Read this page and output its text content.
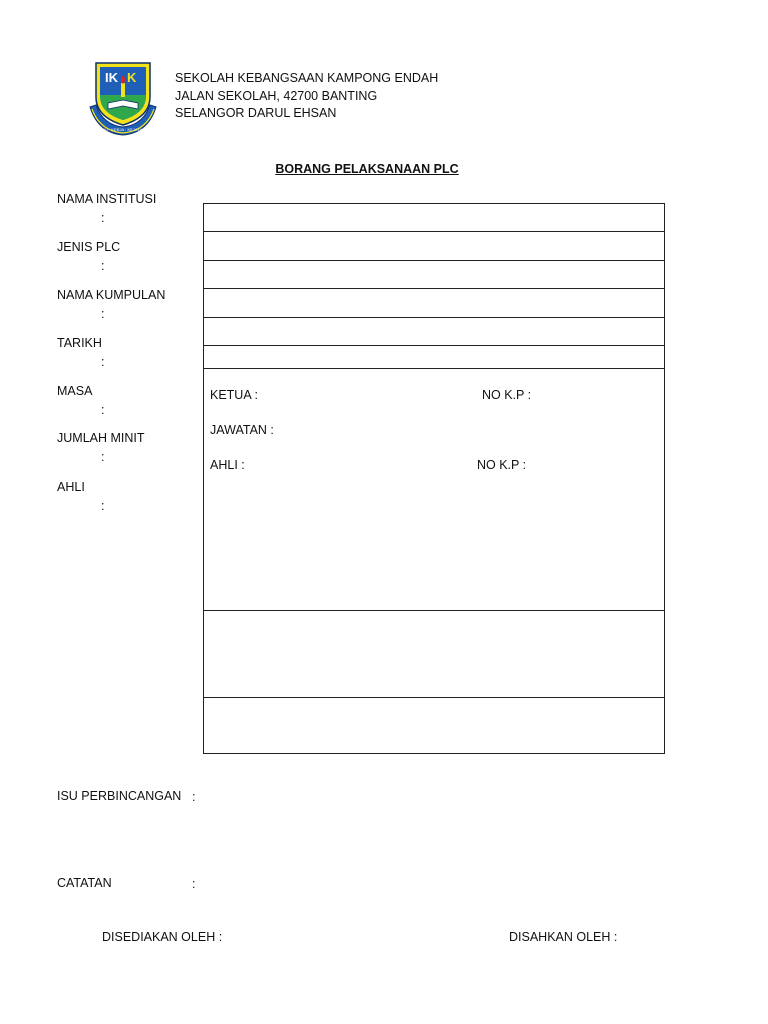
IK K
ILMU · KERJA · KEJAYAAN
SEKOLAH KEBANGSAAN KAMPONG ENDAH
JALAN SEKOLAH, 42700 BANTING
SELANGOR DARUL EHSAN
BORANG PELAKSANAAN PLC
NAMA INSTITUSI
:
JENIS PLC
:
NAMA KUMPULAN
:
TARIKH
:
MASA
:
JUMLAH MINIT
:
AHLI
:
KETUA :	NO K.P :
JAWATAN :
AHLI :	NO K.P :
ISU PERBINCANGAN :
CATATAN	:
DISEDIAKAN OLEH :	DISAHKAN OLEH :
